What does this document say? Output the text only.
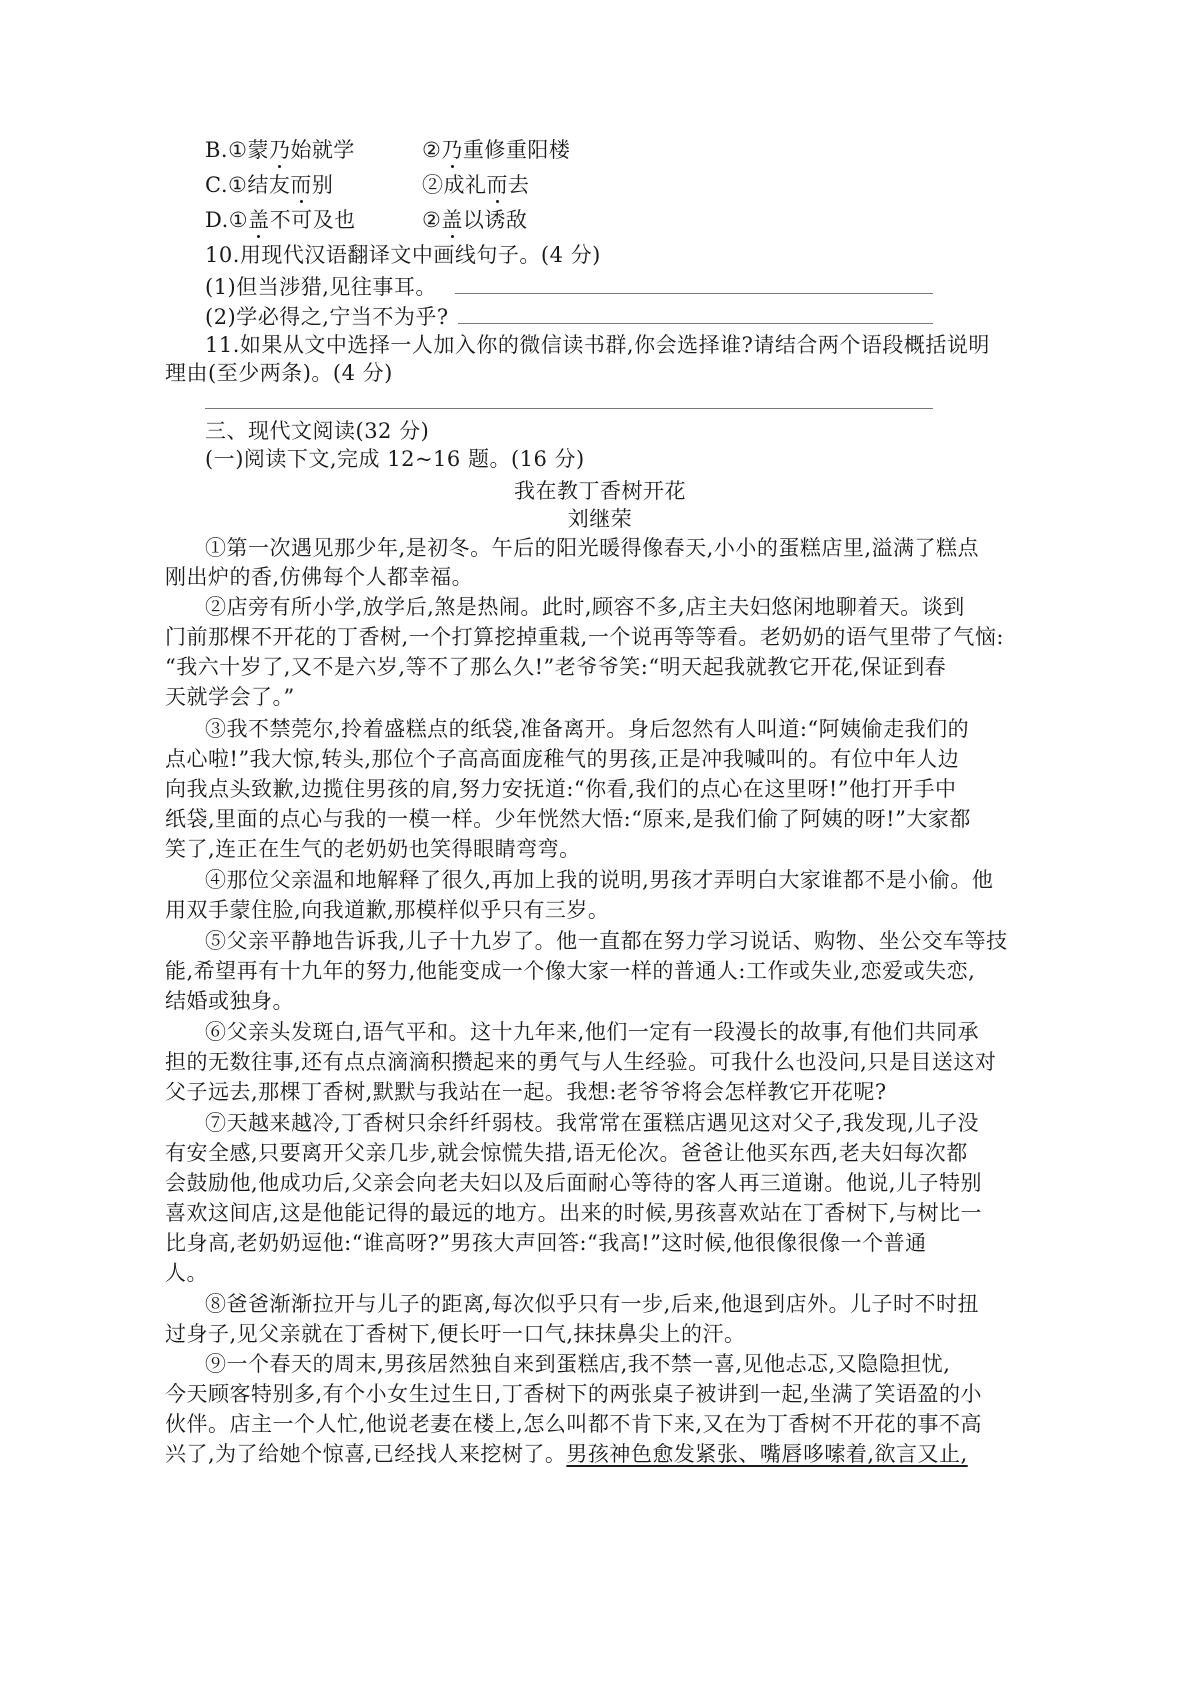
B.①蒙乃始就学	②乃重修重阳楼
C.①结友而别	②成礼而去
D.①盖不可及也	②盖以诱敌
10.用现代汉语翻译文中画线句子。(4 分)
(1)但当涉猎,见往事耳。
(2)学必得之,宁当不为乎?
11.如果从文中选择一人加入你的微信读书群,你会选择谁?请结合两个语段概括说明
理由(至少两条)。(4 分)
三、现代文阅读(32 分)
(一)阅读下文,完成 12~16 题。(16 分)
我在教丁香树开花
刘继荣
①第一次遇见那少年,是初冬。午后的阳光暖得像春天,小小的蛋糕店里,溢满了糕点
刚出炉的香,仿佛每个人都幸福。
②店旁有所小学,放学后,煞是热闹。此时,顾容不多,店主夫妇悠闲地聊着天。谈到
门前那棵不开花的丁香树,一个打算挖掉重栽,一个说再等等看。老奶奶的语气里带了气恼:
“我六十岁了,又不是六岁,等不了那么久!”老爷爷笑:“明天起我就教它开花,保证到春
天就学会了。”
③我不禁莞尔,拎着盛糕点的纸袋,准备离开。身后忽然有人叫道:“阿姨偷走我们的
点心啦!”我大惊,转头,那位个子高高面庞稚气的男孩,正是冲我喊叫的。有位中年人边
向我点头致歉,边揽住男孩的肩,努力安抚道:“你看,我们的点心在这里呀!”他打开手中
纸袋,里面的点心与我的一模一样。少年恍然大悟:“原来,是我们偷了阿姨的呀!”大家都
笑了,连正在生气的老奶奶也笑得眼睛弯弯。
④那位父亲温和地解释了很久,再加上我的说明,男孩才弄明白大家谁都不是小偷。他
用双手蒙住脸,向我道歉,那模样似乎只有三岁。
⑤父亲平静地告诉我,儿子十九岁了。他一直都在努力学习说话、购物、坐公交车等技
能,希望再有十九年的努力,他能变成一个像大家一样的普通人:工作或失业,恋爱或失恋,
结婚或独身。
⑥父亲头发斑白,语气平和。这十九年来,他们一定有一段漫长的故事,有他们共同承
担的无数往事,还有点点滴滴积攒起来的勇气与人生经验。可我什么也没问,只是目送这对
父子远去,那棵丁香树,默默与我站在一起。我想:老爷爷将会怎样教它开花呢?
⑦天越来越冷,丁香树只余纤纤弱枝。我常常在蛋糕店遇见这对父子,我发现,儿子没
有安全感,只要离开父亲几步,就会惊慌失措,语无伦次。爸爸让他买东西,老夫妇每次都
会鼓励他,他成功后,父亲会向老夫妇以及后面耐心等待的客人再三道谢。他说,儿子特别
喜欢这间店,这是他能记得的最远的地方。出来的时候,男孩喜欢站在丁香树下,与树比一
比身高,老奶奶逗他:“谁高呀?”男孩大声回答:“我高!”这时候,他很像很像一个普通
人。
⑧爸爸渐渐拉开与儿子的距离,每次似乎只有一步,后来,他退到店外。儿子时不时扭
过身子,见父亲就在丁香树下,便长吁一口气,抹抹鼻尖上的汗。
⑨一个春天的周末,男孩居然独自来到蛋糕店,我不禁一喜,见他忐忑,又隐隐担忧,
今天顾客特别多,有个小女生过生日,丁香树下的两张桌子被讲到一起,坐满了笑语盈的小
伙伴。店主一个人忙,他说老妻在楼上,怎么叫都不肯下来,又在为丁香树不开花的事不高
兴了,为了给她个惊喜,已经找人来挖树了。男孩神色愈发紧张、嘴唇哆嗦着,欲言又止,
